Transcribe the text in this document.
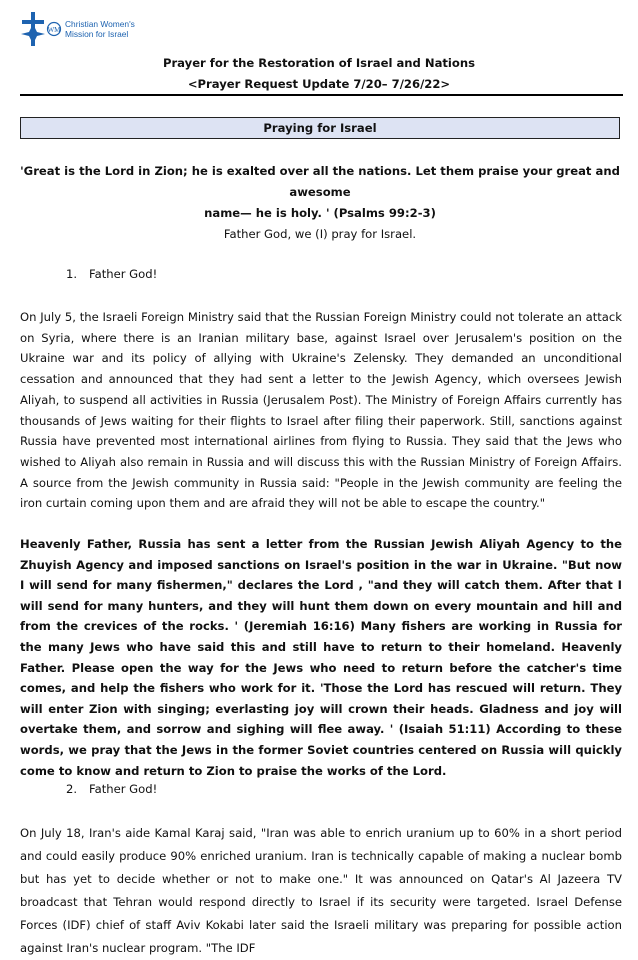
WM
Christian Women's
Mission for Israel
Prayer for the Restoration of Israel and Nations
<Prayer Request Update 7/20– 7/26/22>
Praying for Israel
'Great is the Lord in Zion; he is exalted over all the nations. Let them praise your great and awesome
name— he is holy. ' (Psalms 99:2-3)
Father God, we (I) pray for Israel.
1. Father God!

On July 5, the Israeli Foreign Ministry said that the Russian Foreign Ministry could not tolerate an attack on Syria, where there is an Iranian military base, against Israel over Jerusalem's position on the Ukraine war and its policy of allying with Ukraine's Zelensky. They demanded an unconditional cessation and announced that they had sent a letter to the Jewish Agency, which oversees Jewish Aliyah, to suspend all activities in Russia (Jerusalem Post). The Ministry of Foreign Affairs currently has thousands of Jews waiting for their flights to Israel after filing their paperwork. Still, sanctions against Russia have prevented most international airlines from flying to Russia. They said that the Jews who wished to Aliyah also remain in Russia and will discuss this with the Russian Ministry of Foreign Affairs. A source from the Jewish community in Russia said: "People in the Jewish community are feeling the iron curtain coming upon them and are afraid they will not be able to escape the country."

Heavenly Father, Russia has sent a letter from the Russian Jewish Aliyah Agency to the Zhuyish Agency and imposed sanctions on Israel's position in the war in Ukraine. "But now I will send for many fishermen," declares the Lord , "and they will catch them. After that I will send for many hunters, and they will hunt them down on every mountain and hill and from the crevices of the rocks. ' (Jeremiah 16:16) Many fishers are working in Russia for the many Jews who have said this and still have to return to their homeland. Heavenly Father. Please open the way for the Jews who need to return before the catcher's time comes, and help the fishers who work for it. 'Those the Lord has rescued will return. They will enter Zion with singing; everlasting joy will crown their heads. Gladness and joy will overtake them, and sorrow and sighing will flee away. ' (Isaiah 51:11) According to these words, we pray that the Jews in the former Soviet countries centered on Russia will quickly come to know and return to Zion to praise the works of the Lord.

2. Father God!

On July 18, Iran's aide Kamal Karaj said, "Iran was able to enrich uranium up to 60% in a short period and could easily produce 90% enriched uranium. Iran is technically capable of making a nuclear bomb but has yet to decide whether or not to make one." It was announced on Qatar's Al Jazeera TV broadcast that Tehran would respond directly to Israel if its security were targeted. Israel Defense Forces (IDF) chief of staff Aviv Kokabi later said the Israeli military was preparing for possible action against Iran's nuclear program. "The IDF
